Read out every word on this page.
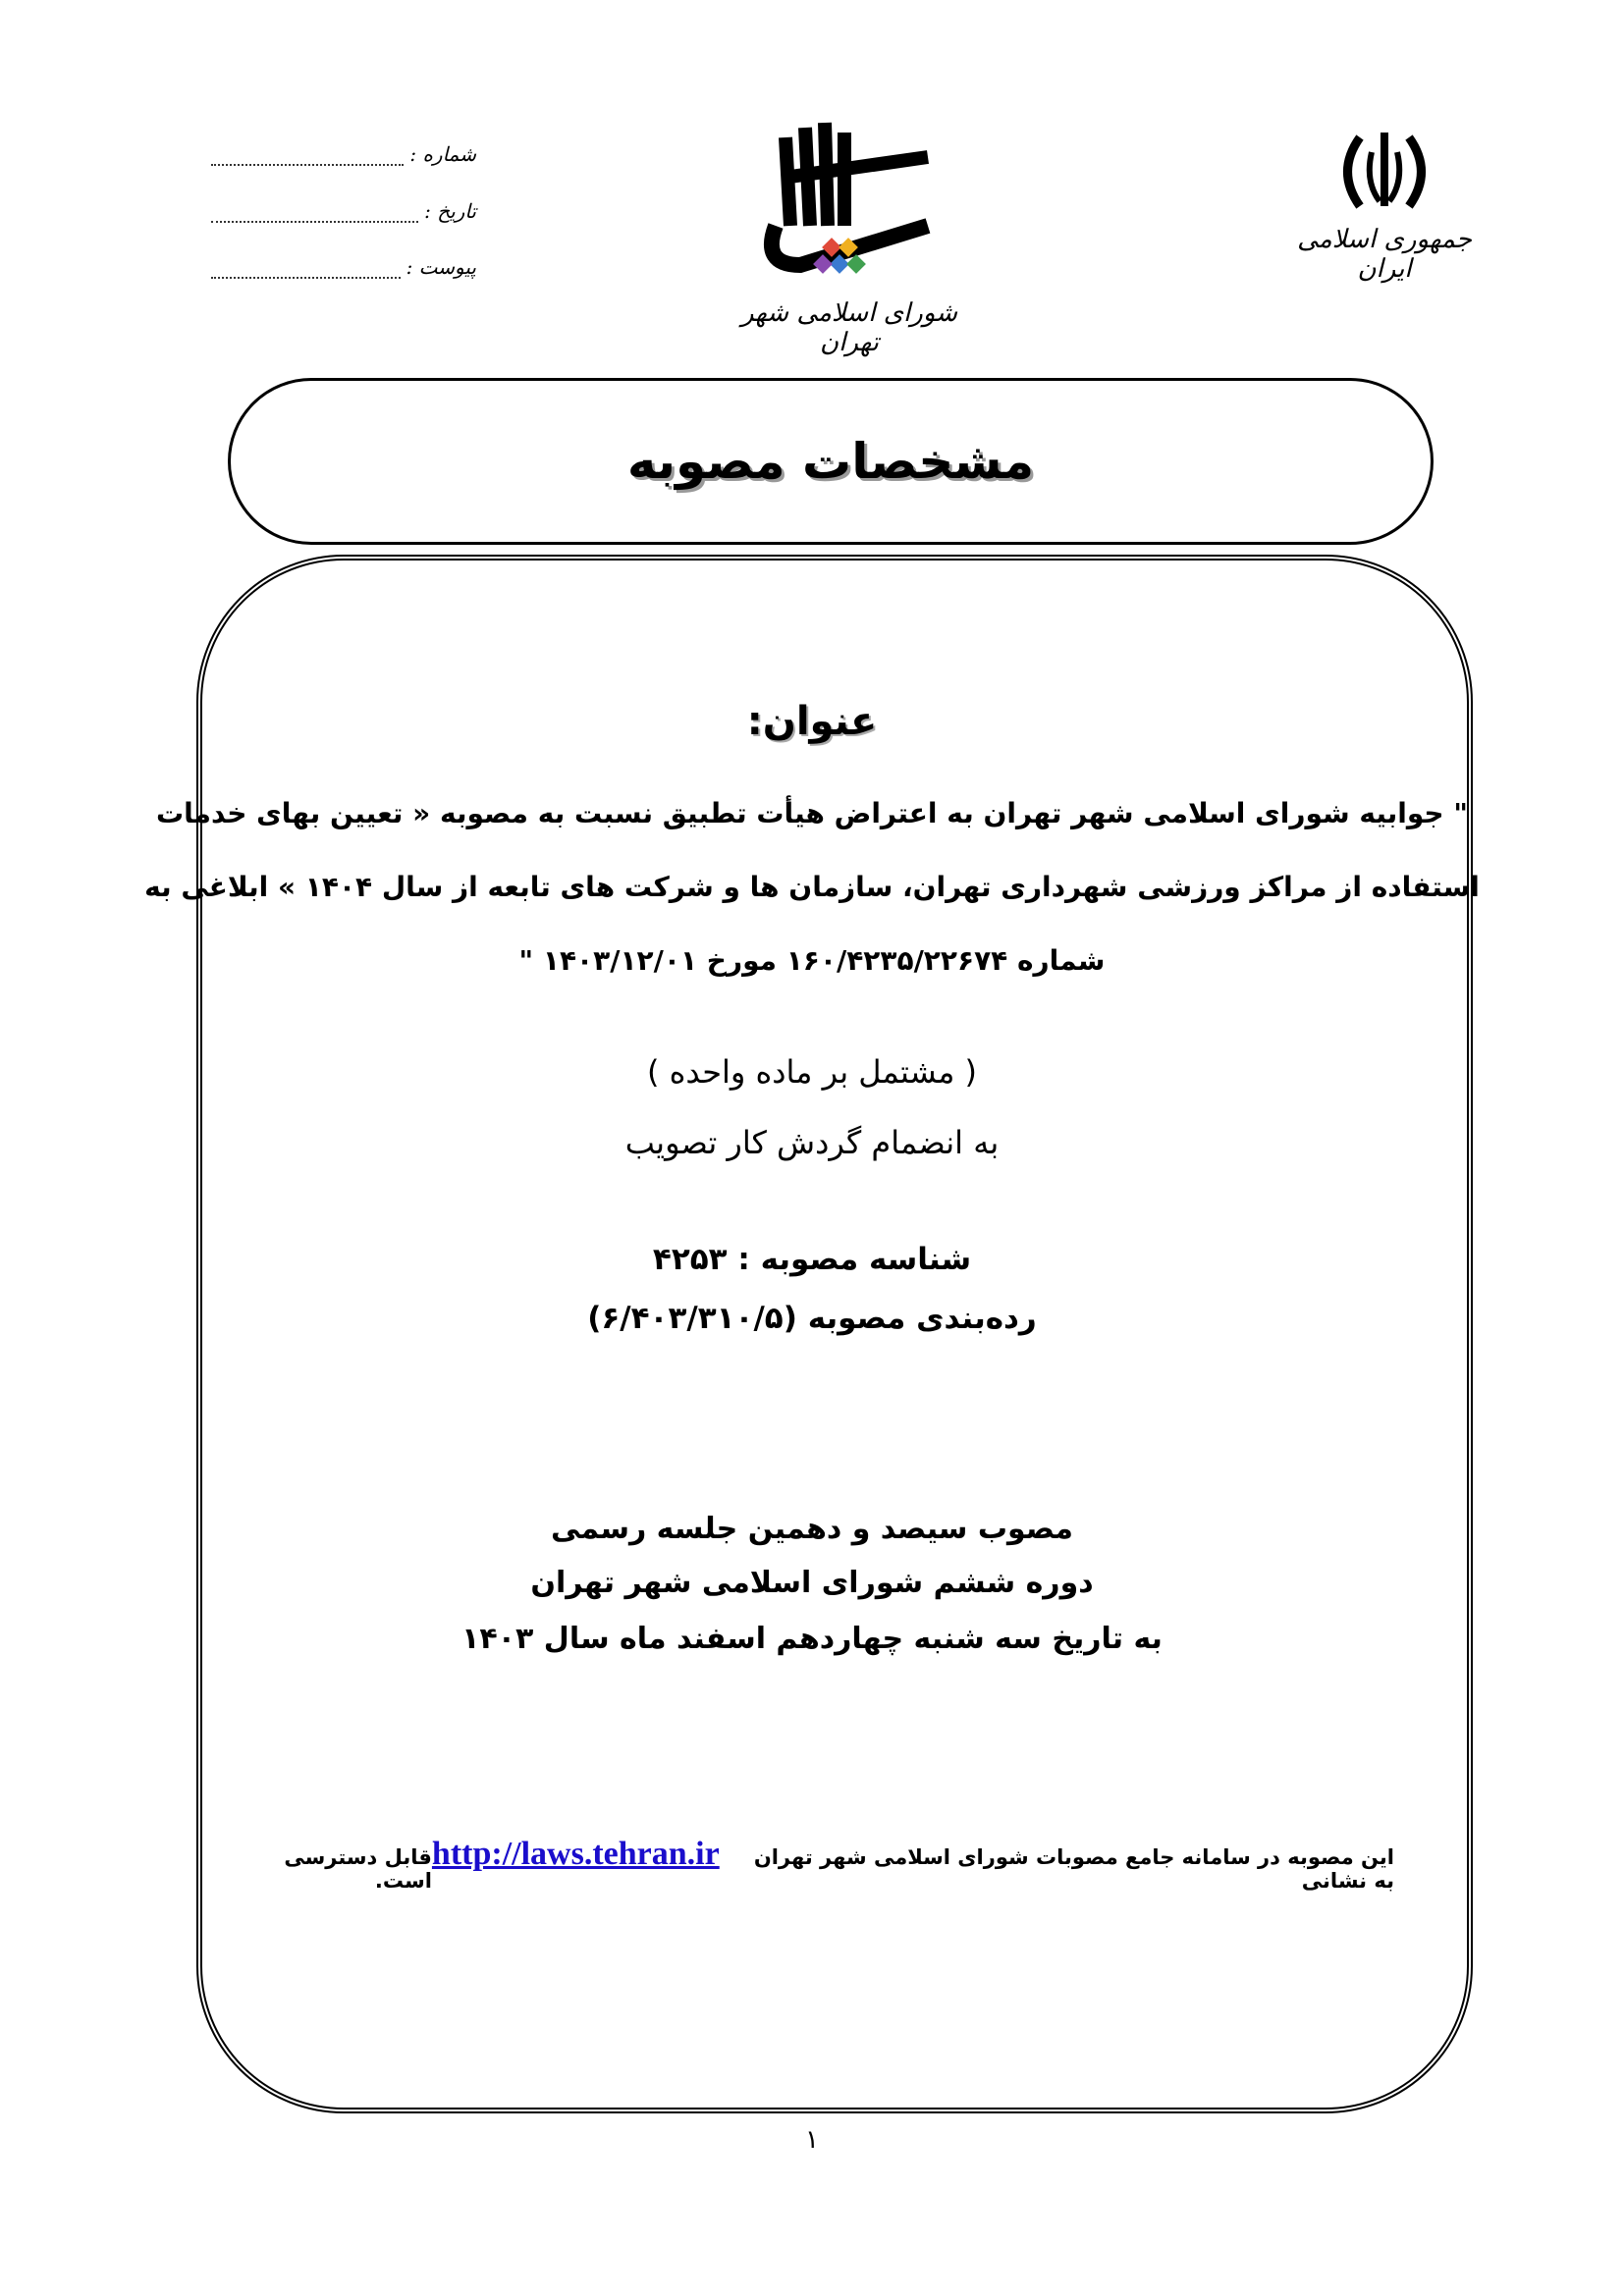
شماره :
تاریخ :
پیوست :
شورای اسلامی شهر تهران
جمهوری اسلامی ایران
مشخصات مصوبه
عنوان:
" جوابیه شورای اسلامی شهر تهران به اعتراض هیأت تطبیق نسبت به مصوبه « تعیین بهای خدمات
استفاده از مراکز ورزشی شهرداری تهران، سازمان ها و شرکت های تابعه از سال ۱۴۰۴ » ابلاغی به
شماره ۱۶۰/۴۲۳۵/۲۲۶۷۴ مورخ ۱۴۰۳/۱۲/۰۱ "
( مشتمل بر ماده واحده )
به انضمام گردش کار تصویب
شناسه مصوبه : ۴۲۵۳
رده‌بندی مصوبه (۶/۴۰۳/۳۱۰/۵)
مصوب سیصد و دهمین جلسه رسمی
دوره ششم شورای اسلامی شهر تهران
به تاریخ سه شنبه چهاردهم اسفند ماه سال ۱۴۰۳
این مصوبه در سامانه جامع مصوبات شورای اسلامی شهر تهران به نشانی
http://laws.tehran.ir
قابل دسترسی است.
۱
